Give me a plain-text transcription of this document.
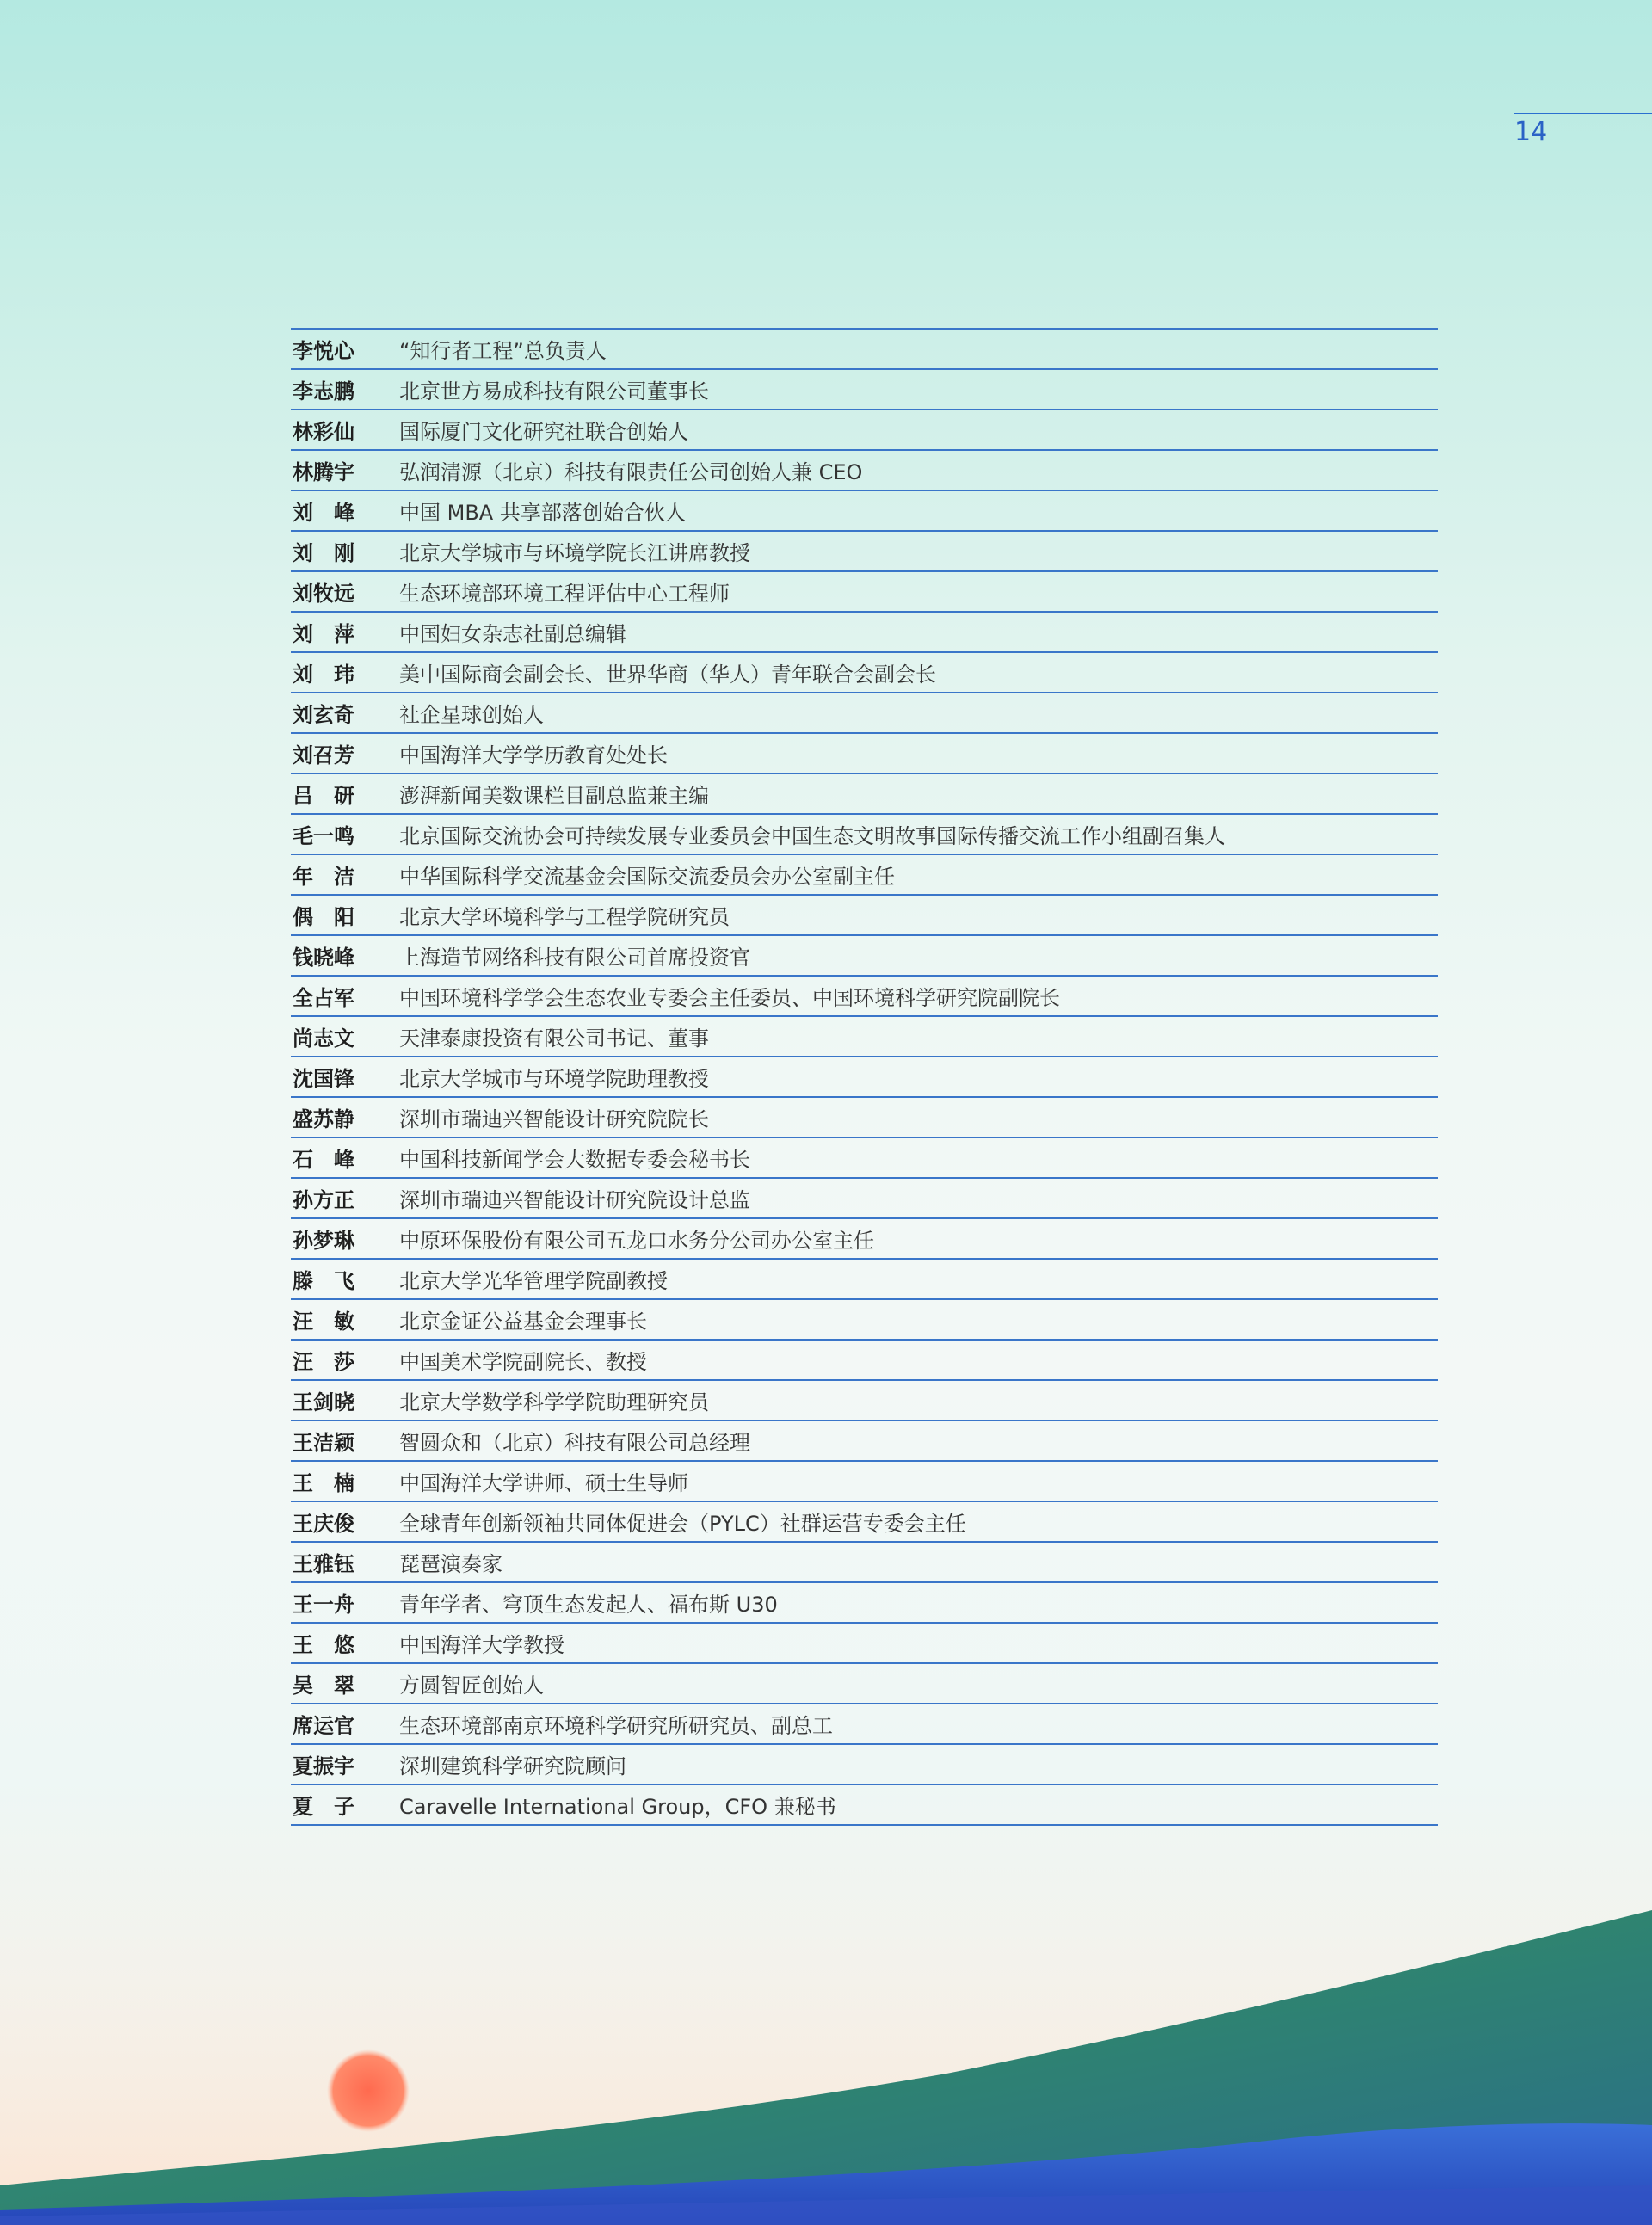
14
李悦心	“知行者工程”总负责人
李志鹏	北京世方易成科技有限公司董事长
林彩仙	国际厦门文化研究社联合创始人
林腾宇	弘润清源（北京）科技有限责任公司创始人兼 CEO
刘　峰	中国 MBA 共享部落创始合伙人
刘　刚	北京大学城市与环境学院长江讲席教授
刘牧远	生态环境部环境工程评估中心工程师
刘　萍	中国妇女杂志社副总编辑
刘　玮	美中国际商会副会长、世界华商（华人）青年联合会副会长
刘玄奇	社企星球创始人
刘召芳	中国海洋大学学历教育处处长
吕　研	澎湃新闻美数课栏目副总监兼主编
毛一鸣	北京国际交流协会可持续发展专业委员会中国生态文明故事国际传播交流工作小组副召集人
年　洁	中华国际科学交流基金会国际交流委员会办公室副主任
偶　阳	北京大学环境科学与工程学院研究员
钱晓峰	上海造节网络科技有限公司首席投资官
全占军	中国环境科学学会生态农业专委会主任委员、中国环境科学研究院副院长
尚志文	天津泰康投资有限公司书记、董事
沈国锋	北京大学城市与环境学院助理教授
盛苏静	深圳市瑞迪兴智能设计研究院院长
石　峰	中国科技新闻学会大数据专委会秘书长
孙方正	深圳市瑞迪兴智能设计研究院设计总监
孙梦琳	中原环保股份有限公司五龙口水务分公司办公室主任
滕　飞	北京大学光华管理学院副教授
汪　敏	北京金证公益基金会理事长
汪　莎	中国美术学院副院长、教授
王剑晓	北京大学数学科学学院助理研究员
王洁颖	智圆众和（北京）科技有限公司总经理
王　楠	中国海洋大学讲师、硕士生导师
王庆俊	全球青年创新领袖共同体促进会（PYLC）社群运营专委会主任
王雅钰	琵琶演奏家
王一舟	青年学者、穹顶生态发起人、福布斯 U30
王　悠	中国海洋大学教授
吴　翠	方圆智匠创始人
席运官	生态环境部南京环境科学研究所研究员、副总工
夏振宇	深圳建筑科学研究院顾问
夏　子	Caravelle International Group，CFO 兼秘书
